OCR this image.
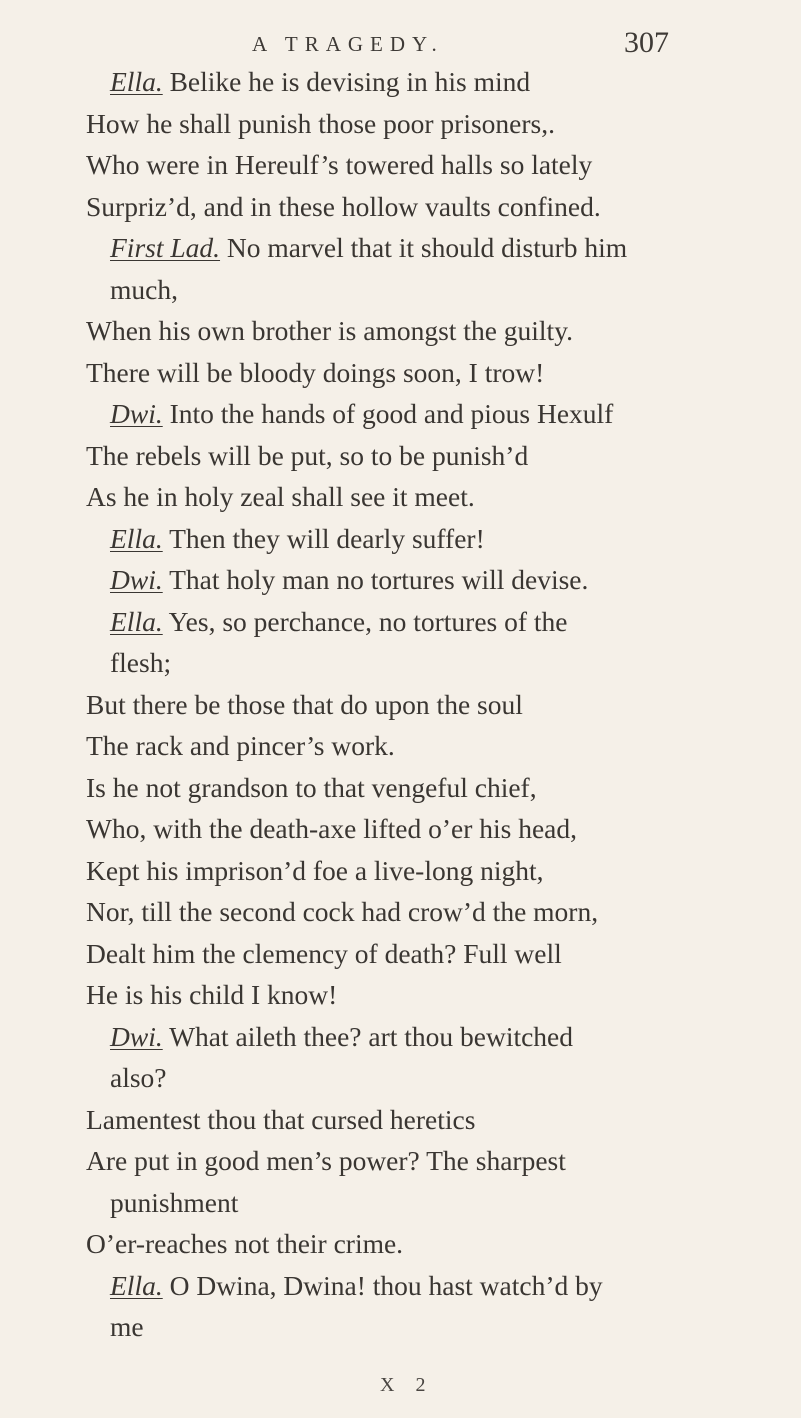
A TRAGEDY.	307
Ella. Belike he is devising in his mind
How he shall punish those poor prisoners,.
Who were in Hereulf’s towered halls so lately
Surpriz’d, and in these hollow vaults confined.
First Lad. No marvel that it should disturb him
much,
When his own brother is amongst the guilty.
There will be bloody doings soon, I trow!
Dwi. Into the hands of good and pious Hexulf
The rebels will be put, so to be punish’d
As he in holy zeal shall see it meet.
Ella. Then they will dearly suffer!
Dwi. That holy man no tortures will devise.
Ella. Yes, so perchance, no tortures of the
flesh;
But there be those that do upon the soul
The rack and pincer’s work.
Is he not grandson to that vengeful chief,
Who, with the death-axe lifted o’er his head,
Kept his imprison’d foe a live-long night,
Nor, till the second cock had crow’d the morn,
Dealt him the clemency of death? Full well
He is his child I know!
Dwi. What aileth thee? art thou bewitched
also?
Lamentest thou that cursed heretics
Are put in good men’s power? The sharpest
punishment
O’er-reaches not their crime.
Ella. O Dwina, Dwina! thou hast watch’d by
me
X 2
